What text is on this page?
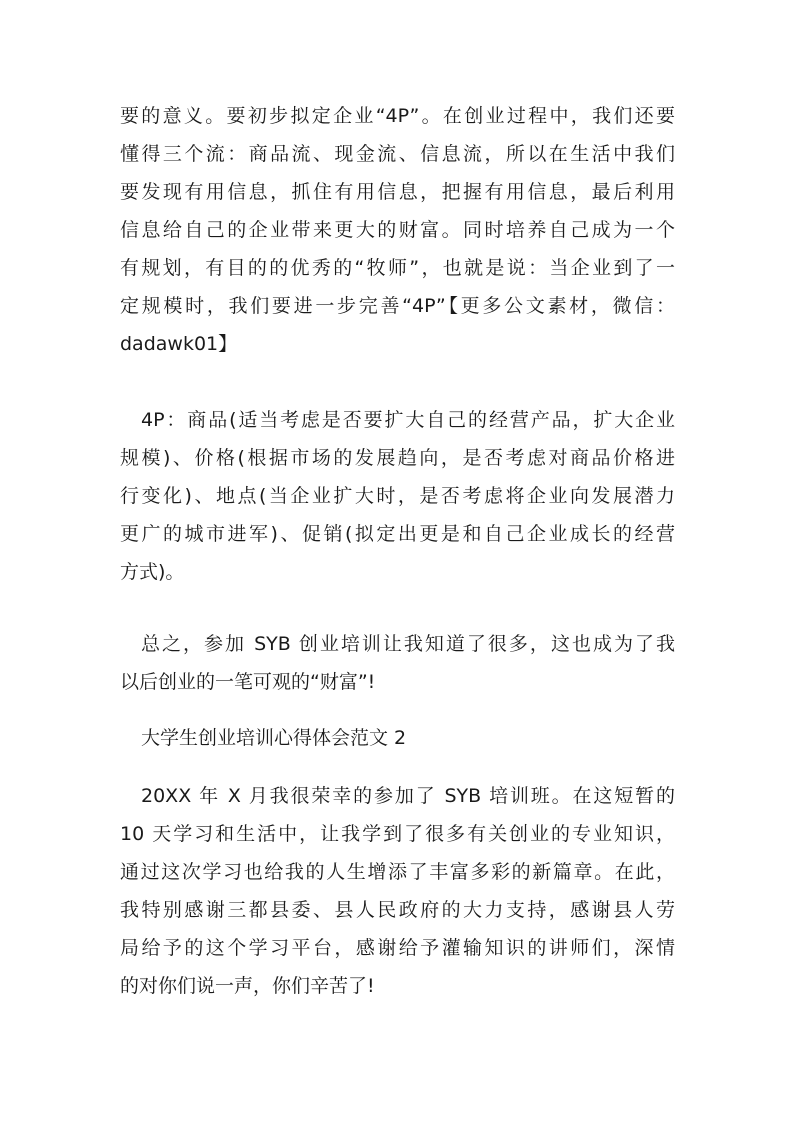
要的意义。要初步拟定企业“4P”。在创业过程中，我们还要
懂得三个流：商品流、现金流、信息流，所以在生活中我们
要发现有用信息，抓住有用信息，把握有用信息，最后利用
信息给自己的企业带来更大的财富。同时培养自己成为一个
有规划，有目的的优秀的“牧师”，也就是说：当企业到了一
定规模时，我们要进一步完善“4P”【更多公文素材，微信：
dadawk01】
4P：商品(适当考虑是否要扩大自己的经营产品，扩大企业
规模)、价格(根据市场的发展趋向，是否考虑对商品价格进
行变化)、地点(当企业扩大时，是否考虑将企业向发展潜力
更广的城市进军)、促销(拟定出更是和自己企业成长的经营
方式)。
总之，参加 SYB 创业培训让我知道了很多，这也成为了我
以后创业的一笔可观的“财富”!
大学生创业培训心得体会范文 2
20XX 年 X 月我很荣幸的参加了 SYB 培训班。在这短暂的
10 天学习和生活中，让我学到了很多有关创业的专业知识，
通过这次学习也给我的人生增添了丰富多彩的新篇章。在此，
我特别感谢三都县委、县人民政府的大力支持，感谢县人劳
局给予的这个学习平台，感谢给予灌输知识的讲师们，深情
的对你们说一声，你们辛苦了!
